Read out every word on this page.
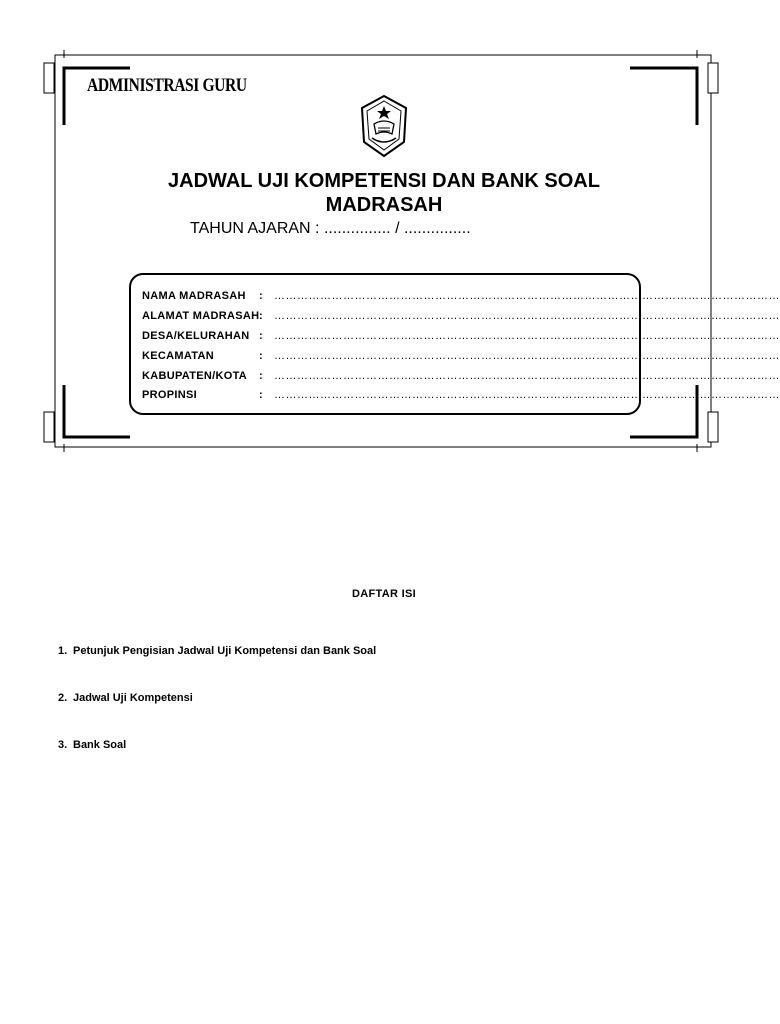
ADMINISTRASI GURU
JADWAL UJI KOMPETENSI DAN BANK SOAL
MADRASAH
TAHUN AJARAN : ............... / ...............
NAMA MADRASAH : ……………………………………………………………………………………………………………………
ALAMAT MADRASAH: ……………………………………………………………………………………………………………………
DESA/KELURAHAN : ……………………………………………………………………………………………………………………
KECAMATAN	: ……………………………………………………………………………………………………………………
KABUPATEN/KOTA : ……………………………………………………………………………………………………………………
PROPINSI	: ……………………………………………………………………………………………………………………
DAFTAR ISI
1. Petunjuk Pengisian Jadwal Uji Kompetensi dan Bank Soal
2. Jadwal Uji Kompetensi
3. Bank Soal
